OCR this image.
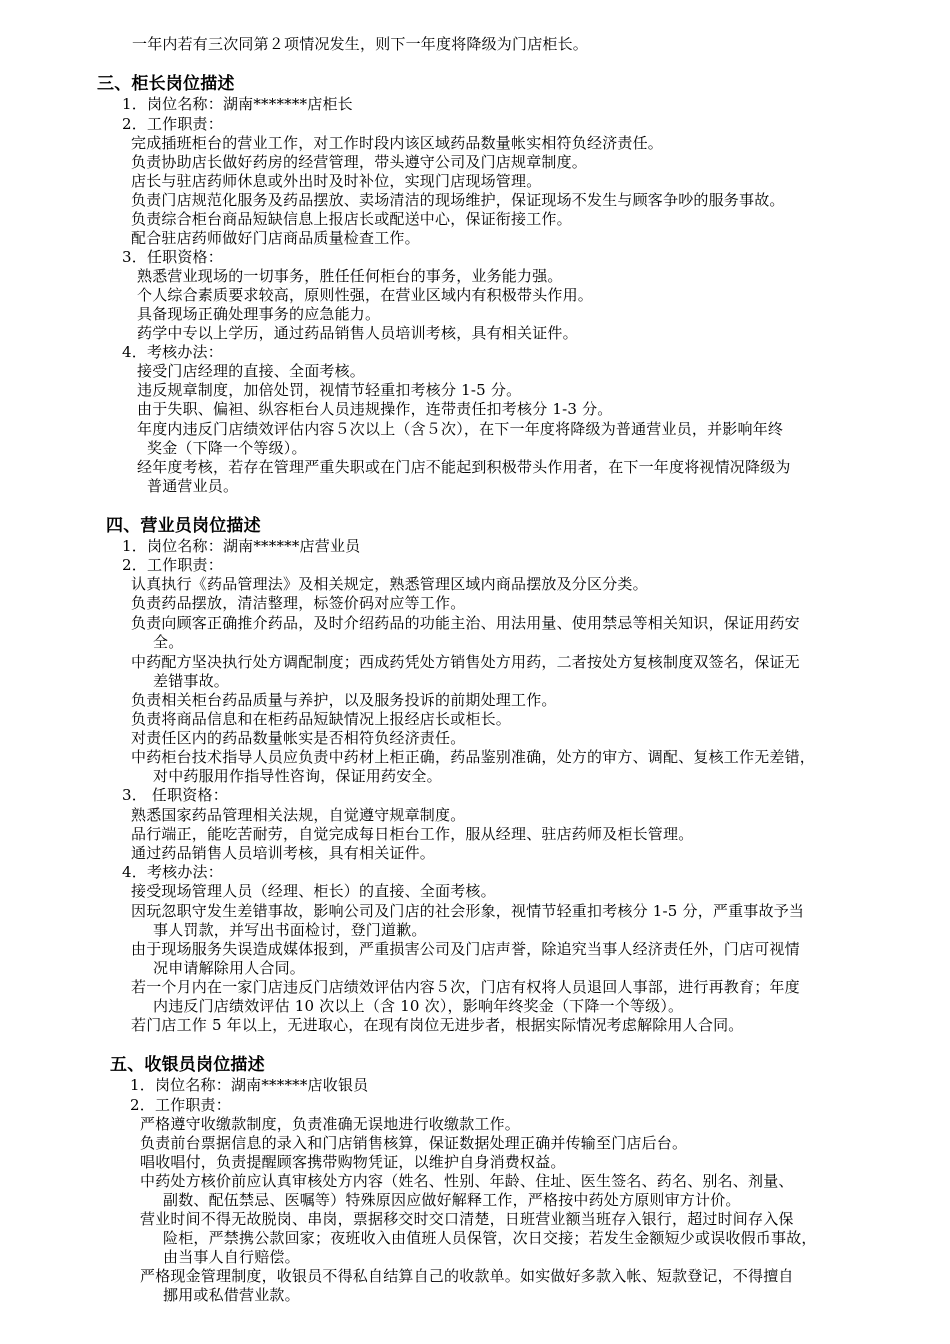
一年内若有三次同第２项情况发生，则下一年度将降级为门店柜长。
三、柜长岗位描述
1．岗位名称：湖南*******店柜长
2．工作职责：
完成插班柜台的营业工作，对工作时段内该区域药品数量帐实相符负经济责任。
负责协助店长做好药房的经营管理，带头遵守公司及门店规章制度。
店长与驻店药师休息或外出时及时补位，实现门店现场管理。
负责门店规范化服务及药品摆放、卖场清洁的现场维护，保证现场不发生与顾客争吵的服务事故。
负责综合柜台商品短缺信息上报店长或配送中心，保证衔接工作。
配合驻店药师做好门店商品质量检查工作。
3．任职资格：
熟悉营业现场的一切事务，胜任任何柜台的事务，业务能力强。
个人综合素质要求较高，原则性强，在营业区域内有积极带头作用。
具备现场正确处理事务的应急能力。
药学中专以上学历，通过药品销售人员培训考核，具有相关证件。
4．考核办法：
接受门店经理的直接、全面考核。
违反规章制度，加倍处罚，视情节轻重扣考核分 1-5 分。
由于失职、偏袒、纵容柜台人员违规操作，连带责任扣考核分 1-3 分。
年度内违反门店绩效评估内容５次以上（含５次），在下一年度将降级为普通营业员，并影响年终
奖金（下降一个等级）。
经年度考核，若存在管理严重失职或在门店不能起到积极带头作用者，在下一年度将视情况降级为
普通营业员。
四、营业员岗位描述
1．岗位名称：湖南******店营业员
2．工作职责：
认真执行《药品管理法》及相关规定，熟悉管理区域内商品摆放及分区分类。
负责药品摆放，清洁整理，标签价码对应等工作。
负责向顾客正确推介药品，及时介绍药品的功能主治、用法用量、使用禁忌等相关知识，保证用药安
全。
中药配方坚决执行处方调配制度；西成药凭处方销售处方用药，二者按处方复核制度双签名，保证无
差错事故。
负责相关柜台药品质量与养护，以及服务投诉的前期处理工作。
负责将商品信息和在柜药品短缺情况上报经店长或柜长。
对责任区内的药品数量帐实是否相符负经济责任。
中药柜台技术指导人员应负责中药材上柜正确，药品鉴别准确，处方的审方、调配、复核工作无差错，
对中药服用作指导性咨询，保证用药安全。
3． 任职资格：
熟悉国家药品管理相关法规，自觉遵守规章制度。
品行端正，能吃苦耐劳，自觉完成每日柜台工作，服从经理、驻店药师及柜长管理。
通过药品销售人员培训考核，具有相关证件。
4．考核办法：
接受现场管理人员（经理、柜长）的直接、全面考核。
因玩忽职守发生差错事故，影响公司及门店的社会形象，视情节轻重扣考核分 1-5 分，严重事故予当
事人罚款，并写出书面检讨，登门道歉。
由于现场服务失误造成媒体报到，严重损害公司及门店声誉，除追究当事人经济责任外，门店可视情
况申请解除用人合同。
若一个月内在一家门店违反门店绩效评估内容５次，门店有权将人员退回人事部，进行再教育；年度
内违反门店绩效评估 10 次以上（含 10 次），影响年终奖金（下降一个等级）。
若门店工作 5 年以上，无进取心，在现有岗位无进步者，根据实际情况考虑解除用人合同。
五、收银员岗位描述
1．岗位名称：湖南******店收银员
2．工作职责：
严格遵守收缴款制度，负责准确无误地进行收缴款工作。
负责前台票据信息的录入和门店销售核算，保证数据处理正确并传输至门店后台。
唱收唱付，负责提醒顾客携带购物凭证，以维护自身消费权益。
中药处方核价前应认真审核处方内容（姓名、性别、年龄、住址、医生签名、药名、别名、剂量、
副数、配伍禁忌、医嘱等）特殊原因应做好解释工作，严格按中药处方原则审方计价。
营业时间不得无故脱岗、串岗，票据移交时交口清楚，日班营业额当班存入银行，超过时间存入保
险柜，严禁携公款回家；夜班收入由值班人员保管，次日交接；若发生金额短少或误收假币事故，
由当事人自行赔偿。
严格现金管理制度，收银员不得私自结算自己的收款单。如实做好多款入帐、短款登记，不得擅自
挪用或私借营业款。
